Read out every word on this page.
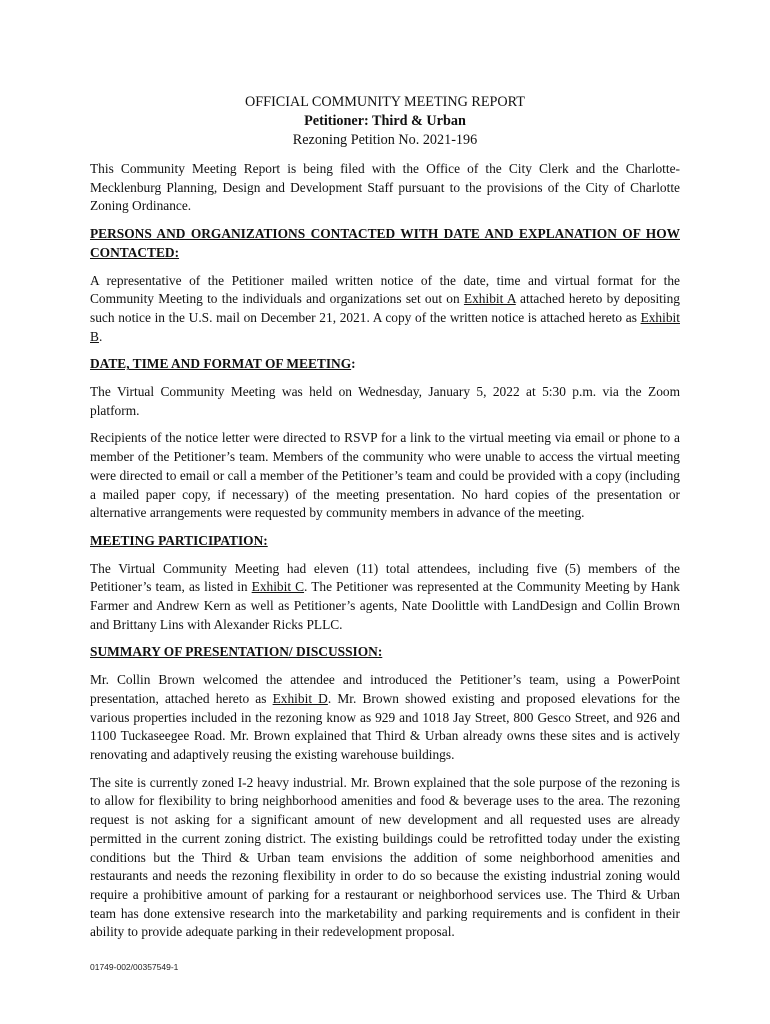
OFFICIAL COMMUNITY MEETING REPORT
Petitioner: Third & Urban
Rezoning Petition No. 2021-196

This Community Meeting Report is being filed with the Office of the City Clerk and the Charlotte-Mecklenburg Planning, Design and Development Staff pursuant to the provisions of the City of Charlotte Zoning Ordinance.

PERSONS AND ORGANIZATIONS CONTACTED WITH DATE AND EXPLANATION OF HOW CONTACTED:

A representative of the Petitioner mailed written notice of the date, time and virtual format for the Community Meeting to the individuals and organizations set out on Exhibit A attached hereto by depositing such notice in the U.S. mail on December 21, 2021. A copy of the written notice is attached hereto as Exhibit B.

DATE, TIME AND FORMAT OF MEETING:

The Virtual Community Meeting was held on Wednesday, January 5, 2022 at 5:30 p.m. via the Zoom platform.

Recipients of the notice letter were directed to RSVP for a link to the virtual meeting via email or phone to a member of the Petitioner’s team. Members of the community who were unable to access the virtual meeting were directed to email or call a member of the Petitioner’s team and could be provided with a copy (including a mailed paper copy, if necessary) of the meeting presentation. No hard copies of the presentation or alternative arrangements were requested by community members in advance of the meeting.

MEETING PARTICIPATION:

The Virtual Community Meeting had eleven (11) total attendees, including five (5) members of the Petitioner’s team, as listed in Exhibit C. The Petitioner was represented at the Community Meeting by Hank Farmer and Andrew Kern as well as Petitioner’s agents, Nate Doolittle with LandDesign and Collin Brown and Brittany Lins with Alexander Ricks PLLC.

SUMMARY OF PRESENTATION/ DISCUSSION:

Mr. Collin Brown welcomed the attendee and introduced the Petitioner’s team, using a PowerPoint presentation, attached hereto as Exhibit D. Mr. Brown showed existing and proposed elevations for the various properties included in the rezoning know as 929 and 1018 Jay Street, 800 Gesco Street, and 926 and 1100 Tuckaseegee Road. Mr. Brown explained that Third & Urban already owns these sites and is actively renovating and adaptively reusing the existing warehouse buildings.

The site is currently zoned I-2 heavy industrial. Mr. Brown explained that the sole purpose of the rezoning is to allow for flexibility to bring neighborhood amenities and food & beverage uses to the area. The rezoning request is not asking for a significant amount of new development and all requested uses are already permitted in the current zoning district. The existing buildings could be retrofitted today under the existing conditions but the Third & Urban team envisions the addition of some neighborhood amenities and restaurants and needs the rezoning flexibility in order to do so because the existing industrial zoning would require a prohibitive amount of parking for a restaurant or neighborhood services use. The Third & Urban team has done extensive research into the marketability and parking requirements and is confident in their ability to provide adequate parking in their redevelopment proposal.

01749-002/00357549-1
